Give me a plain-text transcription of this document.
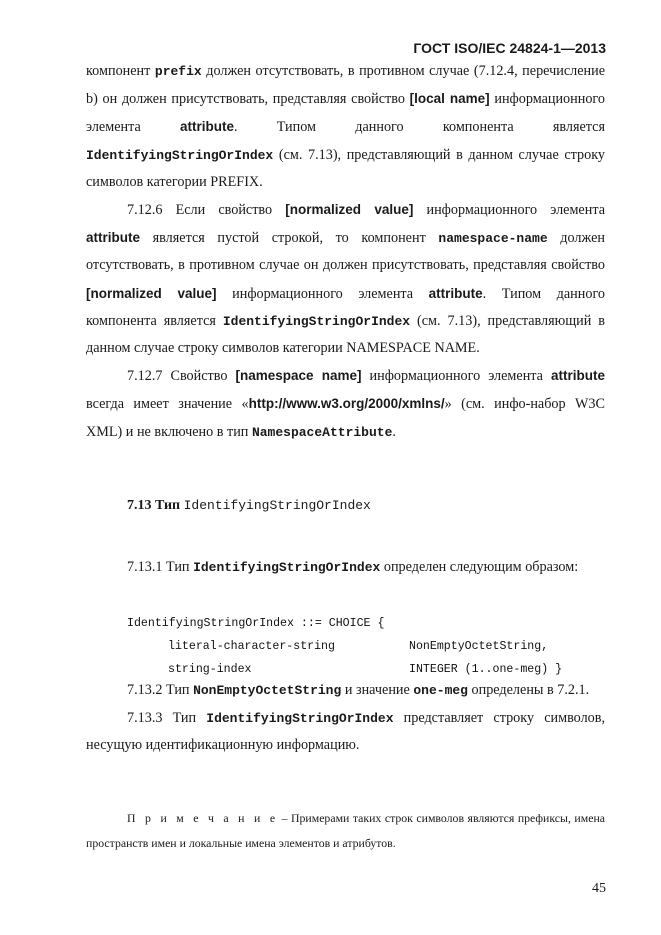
ГОСТ ISO/IEC 24824-1—2013

компонент prefix должен отсутствовать, в противном случае (7.12.4, перечисление b) он должен присутствовать, представляя свойство [local name] информационного элемента attribute. Типом данного компонента является IdentifyingStringOrIndex (см. 7.13), представляющий в данном случае строку символов категории PREFIX.

7.12.6 Если свойство [normalized value] информационного элемента attribute является пустой строкой, то компонент namespace-name должен отсутствовать, в противном случае он должен присутствовать, представляя свойство [normalized value] информационного элемента attribute. Типом данного компонента является IdentifyingStringOrIndex (см. 7.13), представляющий в данном случае строку символов категории NAMESPACE NAME.

7.12.7 Свойство [namespace name] информационного элемента attribute всегда имеет значение «http://www.w3.org/2000/xmlns/» (см. инфо-набор W3C XML) и не включено в тип NamespaceAttribute.

7.13 Тип IdentifyingStringOrIndex

7.13.1 Тип IdentifyingStringOrIndex определен следующим образом:

IdentifyingStringOrIndex ::= CHOICE {
literal-character-string	NonEmptyOctetString,
string-index	INTEGER (1..one-meg) }

7.13.2 Тип NonEmptyOctetString и значение one-meg определены в 7.2.1.

7.13.3 Тип IdentifyingStringOrIndex представляет строку символов, несущую идентификационную информацию.

П р и м е ч а н и е – Примерами таких строк символов являются префиксы, имена пространств имен и локальные имена элементов и атрибутов.
45
